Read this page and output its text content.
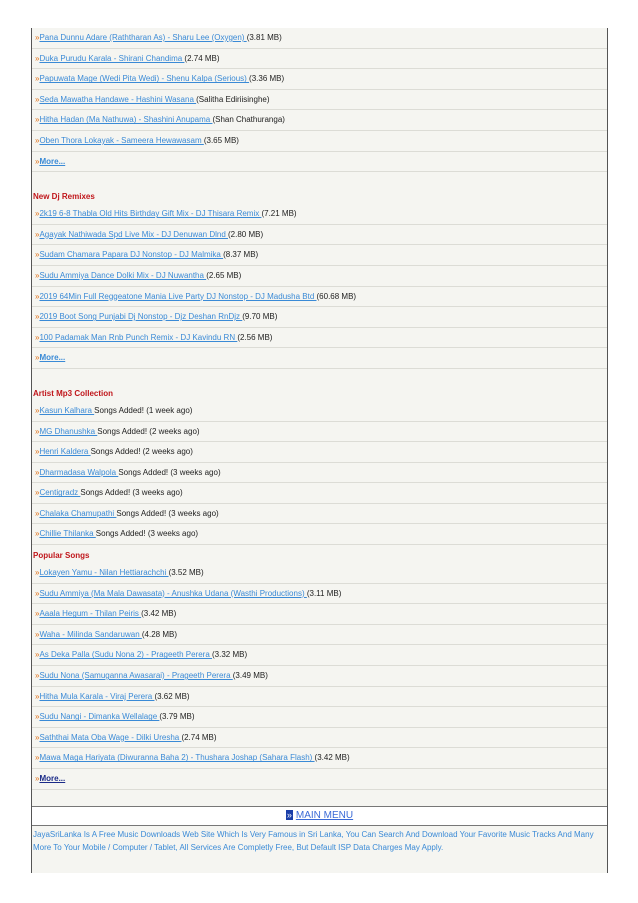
»Pana Dunnu Adare (Raththaran As) - Sharu Lee (Oxygen) (3.81 MB)
»Duka Purudu Karala - Shirani Chandima (2.74 MB)
»Papuwata Mage (Wedi Pita Wedi) - Shenu Kalpa (Serious) (3.36 MB)
»Seda Mawatha Handawe - Hashini Wasana (Salitha Ediriisinghe)
»Hitha Hadan (Ma Nathuwa) - Shashini Anupama (Shan Chathuranga)
»Oben Thora Lokayak - Sameera Hewawasam (3.65 MB)
»More...
New Dj Remixes
»2k19 6-8 Thabla Old Hits Birthday Gift Mix - DJ Thisara Remix (7.21 MB)
»Agayak Nathiwada Spd Live Mix - DJ Denuwan Dlnd (2.80 MB)
»Sudam Chamara Papara DJ Nonstop - DJ Malmika (8.37 MB)
»Sudu Ammiya Dance Dolki Mix - DJ Nuwantha (2.65 MB)
»2019 64Min Full Reggeatone Mania Live Party DJ Nonstop - DJ Madusha Btd (60.68 MB)
»2019 Boot Song Punjabi Dj Nonstop - Djz Deshan RnDjz (9.70 MB)
»100 Padamak Man Rnb Punch Remix - DJ Kavindu RN (2.56 MB)
»More...
Artist Mp3 Collection
»Kasun Kalhara Songs Added! (1 week ago)
»MG Dhanushka Songs Added! (2 weeks ago)
»Henri Kaldera Songs Added! (2 weeks ago)
»Dharmadasa Walpola Songs Added! (3 weeks ago)
»Centigradz Songs Added! (3 weeks ago)
»Chalaka Chamupathi Songs Added! (3 weeks ago)
»Chillie Thilanka Songs Added! (3 weeks ago)
Popular Songs
»Lokayen Yamu - Nilan Hettiarachchi (3.52 MB)
»Sudu Ammiya (Ma Mala Dawasata) - Anushka Udana (Wasthi Productions) (3.11 MB)
»Aaala Hegum - Thilan Peiris (3.42 MB)
»Waha - Milinda Sandaruwan (4.28 MB)
»As Deka Palla (Sudu Nona 2) - Prageeth Perera (3.32 MB)
»Sudu Nona (Samuganna Awasarai) - Prageeth Perera (3.49 MB)
»Hitha Mula Karala - Viraj Perera (3.62 MB)
»Sudu Nangi - Dimanka Wellalage (3.79 MB)
»Saththai Mata Oba Wage - Dilki Uresha (2.74 MB)
»Mawa Maga Hariyata (Diwuranna Baha 2) - Thushara Joshap (Sahara Flash) (3.42 MB)
»More...
» MAIN MENU
JayaSriLanka Is A Free Music Downloads Web Site Which Is Very Famous in Sri Lanka, You Can Search And Download Your Favorite Music Tracks And Many More To Your Mobile / Computer / Tablet, All Services Are Completly Free, But Default ISP Data Charges May Apply.
